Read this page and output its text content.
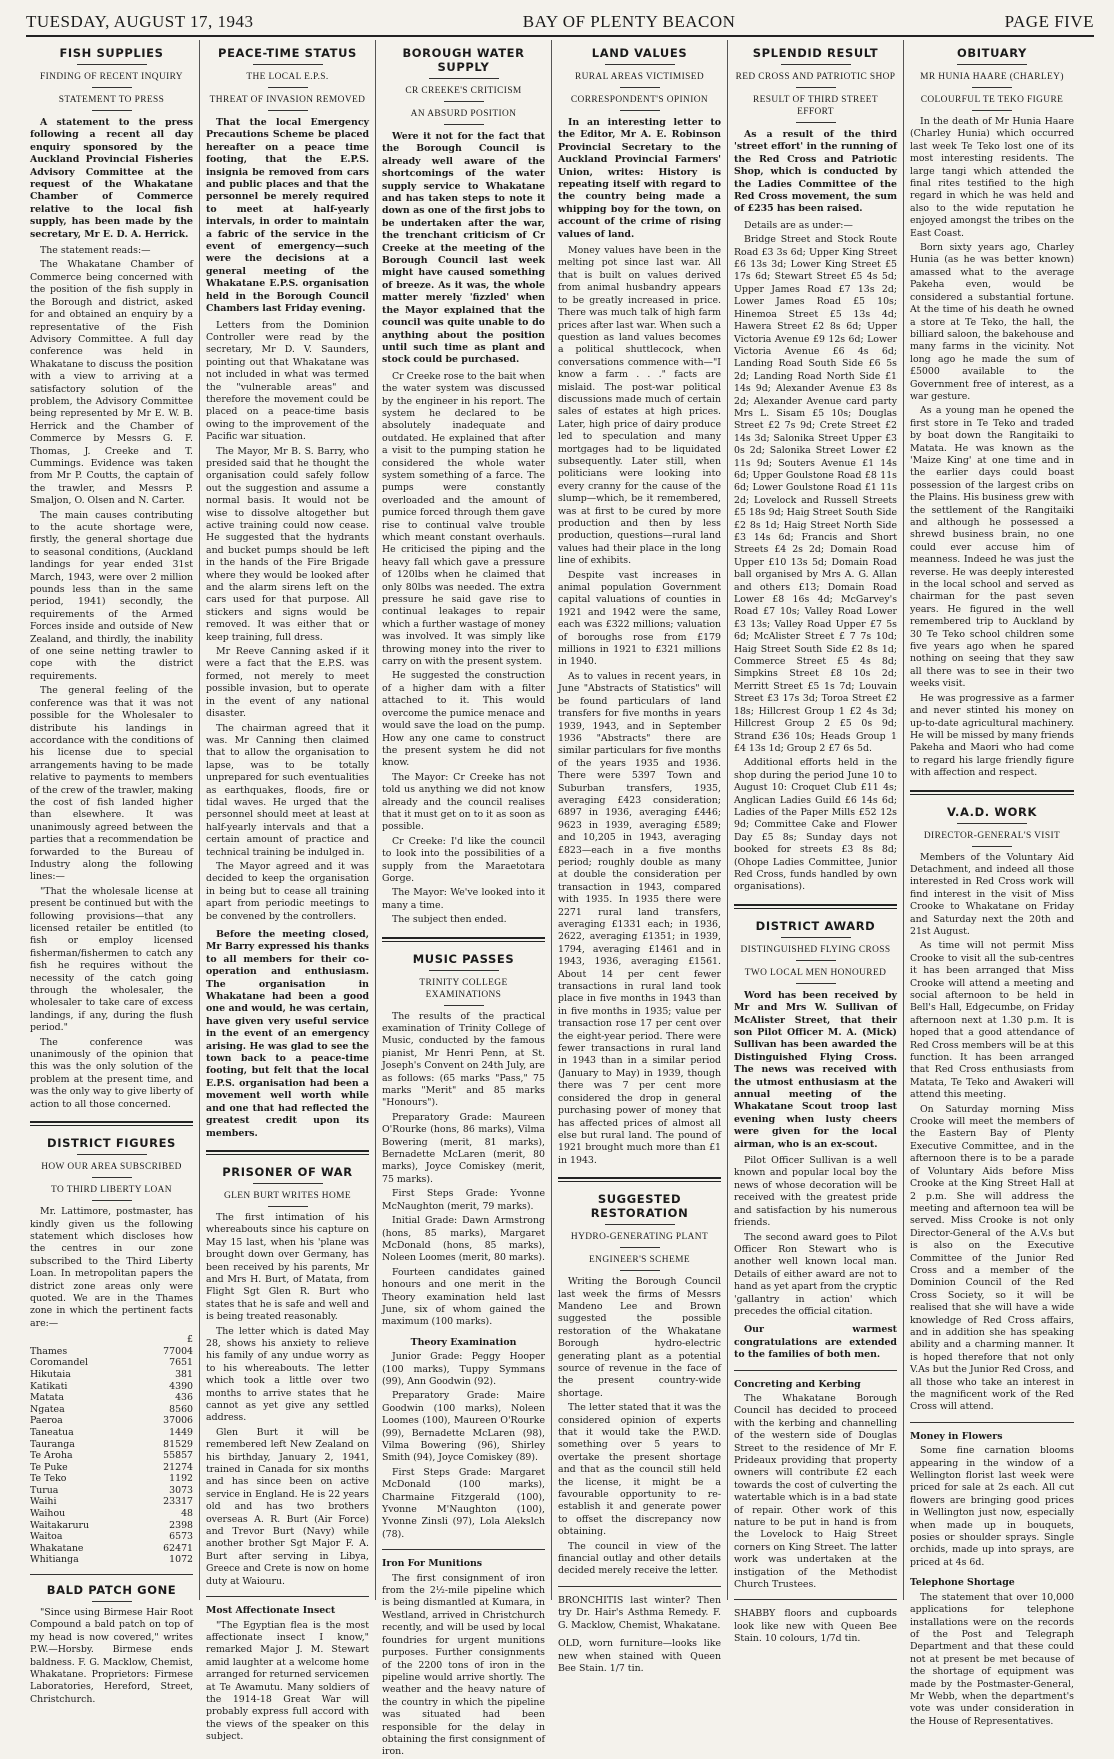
TUESDAY, AUGUST 17, 1943	BAY OF PLENTY BEACON	PAGE FIVE
FISH SUPPLIES
FINDING OF RECENT INQUIRY
STATEMENT TO PRESS
A statement to the press following a recent all day enquiry sponsored by the Auckland Provincial Fisheries Advisory Committee at the request of the Whakatane Chamber of Commerce relative to the local fish supply, has been made by the secretary, Mr E. D. A. Herrick.

The statement reads:—

The Whakatane Chamber of Commerce being concerned with the position of the fish supply in the Borough and district, asked for and obtained an enquiry by a representative of the Fish Advisory Committee. A full day conference was held in Whakatane to discuss the position with a view to arriving at a satisfactory solution of the problem, the Advisory Committee being represented by Mr E. W. B. Herrick and the Chamber of Commerce by Messrs G. F. Thomas, J. Creeke and T. Cummings. Evidence was taken from Mr P. Coutts, the captain of the trawler, and Messrs P. Smaljon, O. Olsen and N. Carter.

The main causes contributing to the acute shortage were, firstly, the general shortage due to seasonal conditions, (Auckland landings for year ended 31st March, 1943, were over 2 million pounds less than in the same period, 1941) secondly, the requirements of the Armed Forces inside and outside of New Zealand, and thirdly, the inability of one seine netting trawler to cope with the district requirements.

The general feeling of the conference was that it was not possible for the Wholesaler to distribute his landings in accordance with the conditions of his license due to special arrangements having to be made relative to payments to members of the crew of the trawler, making the cost of fish landed higher than elsewhere. It was unanimously agreed between the parties that a recommendation be forwarded to the Bureau of Industry along the following lines:—

"That the wholesale license at present be continued but with the following provisions—that any licensed retailer be entitled (to fish or employ licensed fisherman/fishermen to catch any fish he requires without the necessity of the catch going through the wholesaler, the wholesaler to take care of excess landings, if any, during the flush period."

The conference was unanimously of the opinion that this was the only solution of the problem at the present time, and was the only way to give liberty of action to all those concerned.

DISTRICT FIGURES
HOW OUR AREA SUBSCRIBED
TO THIRD LIBERTY LOAN

Mr. Lattimore, postmaster, has kindly given us the following statement which discloses how the centres in our zone subscribed to the Third Liberty Loan. In metropolitan papers the district zone areas only were quoted. We are in the Thames zone in which the pertinent facts are:—

	£
Thames	77004
Coromandel	7651
Hikutaia	381
Katikati	4390
Matata	436
Ngatea	8560
Paeroa	37006
Taneatua	1449
Tauranga	81529
Te Aroha	55857
Te Puke	21274
Te Teko	1192
Turua	3073
Waihi	23317
Waihou	48
Waitakaruru	2398
Waitoa	6573
Whakatane	62471
Whitianga	1072
BALD PATCH GONE

"Since using Birmese Hair Root Compound a bald patch on top of my head is now covered," writes P.W.—Horsby. Birmese ends baldness. F. G. Macklow, Chemist, Whakatane. Proprietors: Firmese Laboratories, Hereford, Street, Christchurch.

PEACE-TIME STATUS
THE LOCAL E.P.S.
THREAT OF INVASION REMOVED
That the local Emergency Precautions Scheme be placed hereafter on a peace time footing, that the E.P.S. insignia be removed from cars and public places and that the personnel be merely required to meet at half-yearly intervals, in order to maintain a fabric of the service in the event of emergency—such were the decisions at a general meeting of the Whakatane E.P.S. organisation held in the Borough Council Chambers last Friday evening.

Letters from the Dominion Controller were read by the secretary, Mr D. V. Saunders, pointing out that Whakatane was not included in what was termed the "vulnerable areas" and therefore the movement could be placed on a peace-time basis owing to the improvement of the Pacific war situation.

The Mayor, Mr B. S. Barry, who presided said that he thought the organisation could safely follow out the suggestion and assume a normal basis. It would not be wise to dissolve altogether but active training could now cease. He suggested that the hydrants and bucket pumps should be left in the hands of the Fire Brigade where they would be looked after and the alarm sirens left on the cars used for that purpose. All stickers and signs would be removed. It was either that or keep training, full dress.

Mr Reeve Canning asked if it were a fact that the E.P.S. was formed, not merely to meet possible invasion, but to operate in the event of any national disaster.

The chairman agreed that it was. Mr Canning then claimed that to allow the organisation to lapse, was to be totally unprepared for such eventualities as earthquakes, floods, fire or tidal waves. He urged that the personnel should meet at least at half-yearly intervals and that a certain amount of practice and technical training be indulged in.

The Mayor agreed and it was decided to keep the organisation in being but to cease all training apart from periodic meetings to be convened by the controllers.

Before the meeting closed, Mr Barry expressed his thanks to all members for their co-operation and enthusiasm. The organisation in Whakatane had been a good one and would, he was certain, have given very useful service in the event of an emergency arising. He was glad to see the town back to a peace-time footing, but felt that the local E.P.S. organisation had been a movement well worth while and one that had reflected the greatest credit upon its members.
PRISONER OF WAR
GLEN BURT WRITES HOME

The first intimation of his whereabouts since his capture on May 15 last, when his 'plane was brought down over Germany, has been received by his parents, Mr and Mrs H. Burt, of Matata, from Flight Sgt Glen R. Burt who states that he is safe and well and is being treated reasonably.

The letter which is dated May 28, shows his anxiety to relieve his family of any undue worry as to his whereabouts. The letter which took a little over two months to arrive states that he cannot as yet give any settled address.

Glen Burt it will be remembered left New Zealand on his birthday, January 2, 1941, trained in Canada for six months and has since been on active service in England. He is 22 years old and has two brothers overseas A. R. Burt (Air Force) and Trevor Burt (Navy) while another brother Sgt Major F. A. Burt after serving in Libya, Greece and Crete is now on home duty at Waiouru.

Most Affectionate Insect

"The Egyptian flea is the most affectionate insect I know," remarked Major J. M. Stewart amid laughter at a welcome home arranged for returned servicemen at Te Awamutu. Many soldiers of the 1914-18 Great War will probably express full accord with the views of the speaker on this subject.

BOROUGH WATER SUPPLY
CR CREEKE'S CRITICISM
AN ABSURD POSITION
Were it not for the fact that the Borough Council is already well aware of the shortcomings of the water supply service to Whakatane and has taken steps to note it down as one of the first jobs to be undertaken after the war, the trenchant criticism of Cr Creeke at the meeting of the Borough Council last week might have caused something of breeze. As it was, the whole matter merely 'fizzled' when the Mayor explained that the council was quite unable to do anything about the position until such time as plant and stock could be purchased.

Cr Creeke rose to the bait when the water system was discussed by the engineer in his report. The system he declared to be absolutely inadequate and outdated. He explained that after a visit to the pumping station he considered the whole water system something of a farce. The pumps were constantly overloaded and the amount of pumice forced through them gave rise to continual valve trouble which meant constant overhauls. He criticised the piping and the heavy fall which gave a pressure of 120lbs when he claimed that only 80lbs was needed. The extra pressure he said gave rise to continual leakages to repair which a further wastage of money was involved. It was simply like throwing money into the river to carry on with the present system.

He suggested the construction of a higher dam with a filter attached to it. This would overcome the pumice menace and would save the load on the pump. How any one came to construct the present system he did not know.

The Mayor: Cr Creeke has not told us anything we did not know already and the council realises that it must get on to it as soon as possible.

Cr Creeke: I'd like the council to look into the possibilities of a supply from the Maraetotara Gorge.

The Mayor: We've looked into it many a time.

The subject then ended.

MUSIC PASSES
TRINITY COLLEGE EXAMINATIONS

The results of the practical examination of Trinity College of Music, conducted by the famous pianist, Mr Henri Penn, at St. Joseph's Convent on 24th July, are as follows: (65 marks "Pass," 75 marks "Merit" and 85 marks "Honours").

Preparatory Grade: Maureen O'Rourke (hons, 86 marks), Vilma Bowering (merit, 81 marks), Bernadette McLaren (merit, 80 marks), Joyce Comiskey (merit, 75 marks).

First Steps Grade: Yvonne McNaughton (merit, 79 marks).

Initial Grade: Dawn Armstrong (hons, 85 marks), Margaret McDonald (hons, 85 marks), Noleen Loomes (merit, 80 marks).

Fourteen candidates gained honours and one merit in the Theory examination held last June, six of whom gained the maximum (100 marks).

Theory Examination

Junior Grade: Peggy Hooper (100 marks), Tuppy Symmans (99), Ann Goodwin (92).

Preparatory Grade: Maire Goodwin (100 marks), Noleen Loomes (100), Maureen O'Rourke (99), Bernadette McLaren (98), Vilma Bowering (96), Shirley Smith (94), Joyce Comiskey (89).

First Steps Grade: Margaret McDonald (100 marks), Charmaine Fitzgerald (100), Yvonne M'Naughton (100), Yvonne Zinsli (97), Lola Alekslch (78).

Iron For Munitions

The first consignment of iron from the 2½-mile pipeline which is being dismantled at Kumara, in Westland, arrived in Christchurch recently, and will be used by local foundries for urgent munitions purposes. Further consignments of the 2200 tons of iron in the pipeline would arrive shortly. The weather and the heavy nature of the country in which the pipeline was situated had been responsible for the delay in obtaining the first consignment of iron.

LAND VALUES
RURAL AREAS VICTIMISED
CORRESPONDENT'S OPINION
In an interesting letter to the Editor, Mr A. E. Robinson Provincial Secretary to the Auckland Provincial Farmers' Union, writes: History is repeating itself with regard to the country being made a whipping boy for the town, on account of the crime of rising values of land.

Money values have been in the melting pot since last war. All that is built on values derived from animal husbandry appears to be greatly increased in price. There was much talk of high farm prices after last war. When such a question as land values becomes a political shuttlecock, when conversations commence with—"I know a farm . . ." facts are mislaid. The post-war political discussions made much of certain sales of estates at high prices. Later, high price of dairy produce led to speculation and many mortgages had to be liquidated subsequently. Later still, when politicians were looking into every cranny for the cause of the slump—which, be it remembered, was at first to be cured by more production and then by less production, questions—rural land values had their place in the long line of exhibits.

Despite vast increases in animal population Government capital valuations of counties in 1921 and 1942 were the same, each was £322 millions; valuation of boroughs rose from £179 millions in 1921 to £321 millions in 1940.

As to values in recent years, in June "Abstracts of Statistics" will be found particulars of land transfers for five months in years 1939, 1943, and in September 1936 "Abstracts" there are similar particulars for five months of the years 1935 and 1936. There were 5397 Town and Suburban transfers, 1935, averaging £423 consideration; 6897 in 1936, averaging £446; 9623 in 1939, averaging £589; and 10,205 in 1943, averaging £823—each in a five months period; roughly double as many at double the consideration per transaction in 1943, compared with 1935. In 1935 there were 2271 rural land transfers, averaging £1331 each; in 1936, 2622, averaging £1351; in 1939, 1794, averaging £1461 and in 1943, 1936, averaging £1561. About 14 per cent fewer transactions in rural land took place in five months in 1943 than in five months in 1935; value per transaction rose 17 per cent over the eight-year period. There were fewer transactions in rural land in 1943 than in a similar period (January to May) in 1939, though there was 7 per cent more considered the drop in general purchasing power of money that has affected prices of almost all else but rural land. The pound of 1921 brought much more than £1 in 1943.

SUGGESTED RESTORATION
HYDRO-GENERATING PLANT
ENGINEER'S SCHEME

Writing the Borough Council last week the firms of Messrs Mandeno Lee and Brown suggested the possible restoration of the Whakatane Borough hydro-electric generating plant as a potential source of revenue in the face of the present country-wide shortage.

The letter stated that it was the considered opinion of experts that it would take the P.W.D. something over 5 years to overtake the present shortage and that as the council still held the license, it might be a favourable opportunity to re-establish it and generate power to offset the discrepancy now obtaining.

The council in view of the financial outlay and other details decided merely receive the letter.

BRONCHITIS last winter? Then try Dr. Hair's Asthma Remedy. F. G. Macklow, Chemist, Whakatane.
OLD, worn furniture—looks like new when stained with Queen Bee Stain. 1/7 tin.
SPLENDID RESULT
RED CROSS AND PATRIOTIC SHOP
RESULT OF THIRD STREET EFFORT
As a result of the third 'street effort' in the running of the Red Cross and Patriotic Shop, which is conducted by the Ladies Committee of the Red Cross movement, the sum of £235 has been raised.

Details are as under:—

Bridge Street and Stock Route Road £3 3s 6d; Upper King Street £6 13s 3d; Lower King Street £5 17s 6d; Stewart Street £5 4s 5d; Upper James Road £7 13s 2d; Lower James Road £5 10s; Hinemoa Street £5 13s 4d; Hawera Street £2 8s 6d; Upper Victoria Avenue £9 12s 6d; Lower Victoria Avenue £6 4s 6d; Landing Road South Side £6 5s 2d; Landing Road North Side £1 14s 9d; Alexander Avenue £3 8s 2d; Alexander Avenue card party Mrs L. Sisam £5 10s; Douglas Street £2 7s 9d; Crete Street £2 14s 3d; Salonika Street Upper £3 0s 2d; Salonika Street Lower £2 11s 9d; Souters Avenue £1 14s 6d; Upper Goulstone Road £8 11s 6d; Lower Goulstone Road £1 11s 2d; Lovelock and Russell Streets £5 18s 9d; Haig Street South Side £2 8s 1d; Haig Street North Side £3 14s 6d; Francis and Short Streets £4 2s 2d; Domain Road Upper £10 13s 5d; Domain Road ball organised by Mrs A. G. Allan and others £13; Domain Road Lower £8 16s 4d; McGarvey's Road £7 10s; Valley Road Lower £3 13s; Valley Road Upper £7 5s 6d; McAlister Street £ 7 7s 10d; Haig Street South Side £2 8s 1d; Commerce Street £5 4s 8d; Simpkins Street £8 10s 2d; Merritt Street £5 1s 7d; Louvain Street £3 17s 3d; Toroa Street £2 18s; Hillcrest Group 1 £2 4s 3d; Hillcrest Group 2 £5 0s 9d; Strand £36 10s; Heads Group 1 £4 13s 1d; Group 2 £7 6s 5d.

Additional efforts held in the shop during the period June 10 to August 10: Croquet Club £11 4s; Anglican Ladies Guild £6 14s 6d; Ladies of the Paper Mills £52 12s 9d; Committee Cake and Flower Day £5 8s; Sunday days not booked for streets £3 8s 8d; (Ohope Ladies Committee, Junior Red Cross, funds handled by own organisations).

DISTRICT AWARD
DISTINGUISHED FLYING CROSS
TWO LOCAL MEN HONOURED
Word has been received by Mr and Mrs W. Sullivan of McAlister Street, that their son Pilot Officer M. A. (Mick) Sullivan has been awarded the Distinguished Flying Cross. The news was received with the utmost enthusiasm at the annual meeting of the Whakatane Scout troop last evening when lusty cheers were given for the local airman, who is an ex-scout.

Pilot Officer Sullivan is a well known and popular local boy the news of whose decoration will be received with the greatest pride and satisfaction by his numerous friends.

The second award goes to Pilot Officer Ron Stewart who is another well known local man. Details of either award are not to hand as yet apart from the cryptic 'gallantry in action' which precedes the official citation.

Our warmest congratulations are extended to the families of both men.
Concreting and Kerbing

The Whakatane Borough Council has decided to proceed with the kerbing and channelling of the western side of Douglas Street to the residence of Mr F. Prideaux providing that property owners will contribute £2 each towards the cost of culverting the watertable which is in a bad state of repair. Other work of this nature to be put in hand is from the Lovelock to Haig Street corners on King Street. The latter work was undertaken at the instigation of the Methodist Church Trustees.

SHABBY floors and cupboards look like new with Queen Bee Stain. 10 colours, 1/7d tin.
OBITUARY
MR HUNIA HAARE (CHARLEY)
COLOURFUL TE TEKO FIGURE

In the death of Mr Hunia Haare (Charley Hunia) which occurred last week Te Teko lost one of its most interesting residents. The large tangi which attended the final rites testified to the high regard in which he was held and also to the wide reputation he enjoyed amongst the tribes on the East Coast.

Born sixty years ago, Charley Hunia (as he was better known) amassed what to the average Pakeha even, would be considered a substantial fortune. At the time of his death he owned a store at Te Teko, the hall, the billiard saloon, the bakehouse and many farms in the vicinity. Not long ago he made the sum of £5000 available to the Government free of interest, as a war gesture.

As a young man he opened the first store in Te Teko and traded by boat down the Rangitaiki to Matata. He was known as the 'Maize King' at one time and in the earlier days could boast possession of the largest cribs on the Plains. His business grew with the settlement of the Rangitaiki and although he possessed a shrewd business brain, no one could ever accuse him of meanness. Indeed he was just the reverse. He was deeply interested in the local school and served as chairman for the past seven years. He figured in the well remembered trip to Auckland by 30 Te Teko school children some five years ago when he spared nothing on seeing that they saw all there was to see in their two weeks visit.

He was progressive as a farmer and never stinted his money on up-to-date agricultural machinery. He will be missed by many friends Pakeha and Maori who had come to regard his large friendly figure with affection and respect.

V.A.D. WORK
DIRECTOR-GENERAL'S VISIT

Members of the Voluntary Aid Detachment, and indeed all those interested in Red Cross work will find interest in the visit of Miss Crooke to Whakatane on Friday and Saturday next the 20th and 21st August.

As time will not permit Miss Crooke to visit all the sub-centres it has been arranged that Miss Crooke will attend a meeting and social afternoon to be held in Bell's Hall, Edgecumbe, on Friday afternoon next at 1.30 p.m. It is hoped that a good attendance of Red Cross members will be at this function. It has been arranged that Red Cross enthusiasts from Matata, Te Teko and Awakeri will attend this meeting.

On Saturday morning Miss Crooke will meet the members of the Eastern Bay of Plenty Executive Committee, and in the afternoon there is to be a parade of Voluntary Aids before Miss Crooke at the King Street Hall at 2 p.m. She will address the meeting and afternoon tea will be served. Miss Crooke is not only Director-General of the A.V.s but is also on the Executive Committee of the Junior Red Cross and a member of the Dominion Council of the Red Cross Society, so it will be realised that she will have a wide knowledge of Red Cross affairs, and in addition she has speaking ability and a charming manner. It is hoped therefore that not only V.As but the Junior Red Cross, and all those who take an interest in the magnificent work of the Red Cross will attend.

Money in Flowers

Some fine carnation blooms appearing in the window of a Wellington florist last week were priced for sale at 2s each. All cut flowers are bringing good prices in Wellington just now, especially when made up in bouquets, posies or shoulder sprays. Single orchids, made up into sprays, are priced at 4s 6d.

Telephone Shortage

The statement that over 10,000 applications for telephone installations were on the records of the Post and Telegraph Department and that these could not at present be met because of the shortage of equipment was made by the Postmaster-General, Mr Webb, when the department's vote was under consideration in the House of Representatives.
